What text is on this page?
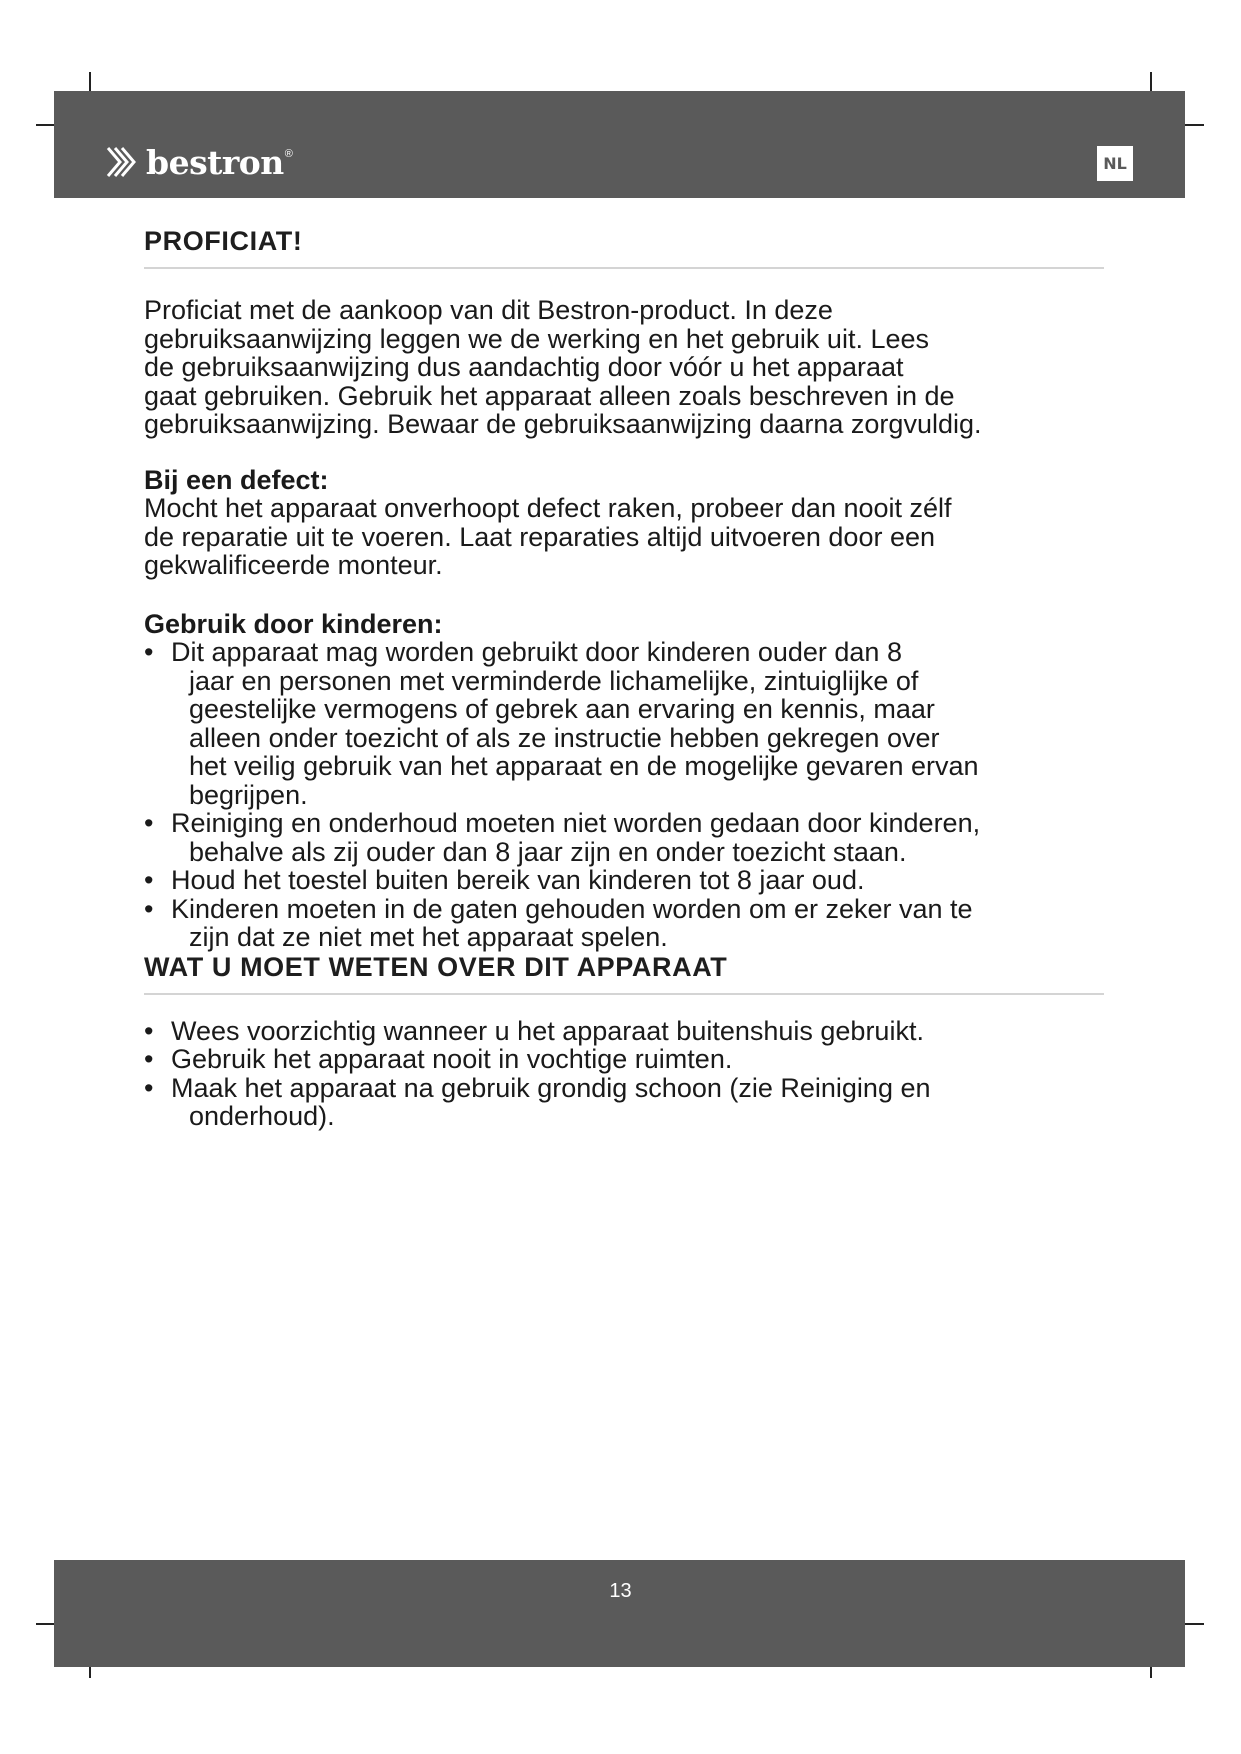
bestron ®	NL
PROFICIAT!

Proficiat met de aankoop van dit Bestron-product. In deze
gebruiksaanwijzing leggen we de werking en het gebruik uit. Lees
de gebruiksaanwijzing dus aandachtig door vóór u het apparaat
gaat gebruiken. Gebruik het apparaat alleen zoals beschreven in de
gebruiksaanwijzing. Bewaar de gebruiksaanwijzing daarna zorgvuldig.

Bij een defect:

Mocht het apparaat onverhoopt defect raken, probeer dan nooit zélf
de reparatie uit te voeren. Laat reparaties altijd uitvoeren door een
gekwalificeerde monteur.

Gebruik door kinderen:
• Dit apparaat mag worden gebruikt door kinderen ouder dan 8
jaar en personen met verminderde lichamelijke, zintuiglijke of
geestelijke vermogens of gebrek aan ervaring en kennis, maar
alleen onder toezicht of als ze instructie hebben gekregen over
het veilig gebruik van het apparaat en de mogelijke gevaren ervan
begrijpen.
• Reiniging en onderhoud moeten niet worden gedaan door kinderen,
behalve als zij ouder dan 8 jaar zijn en onder toezicht staan.
• Houd het toestel buiten bereik van kinderen tot 8 jaar oud.
• Kinderen moeten in de gaten gehouden worden om er zeker van te
zijn dat ze niet met het apparaat spelen.
WAT U MOET WETEN OVER DIT APPARAAT
• Wees voorzichtig wanneer u het apparaat buitenshuis gebruikt.
• Gebruik het apparaat nooit in vochtige ruimten.
• Maak het apparaat na gebruik grondig schoon (zie Reiniging en
onderhoud).
13
